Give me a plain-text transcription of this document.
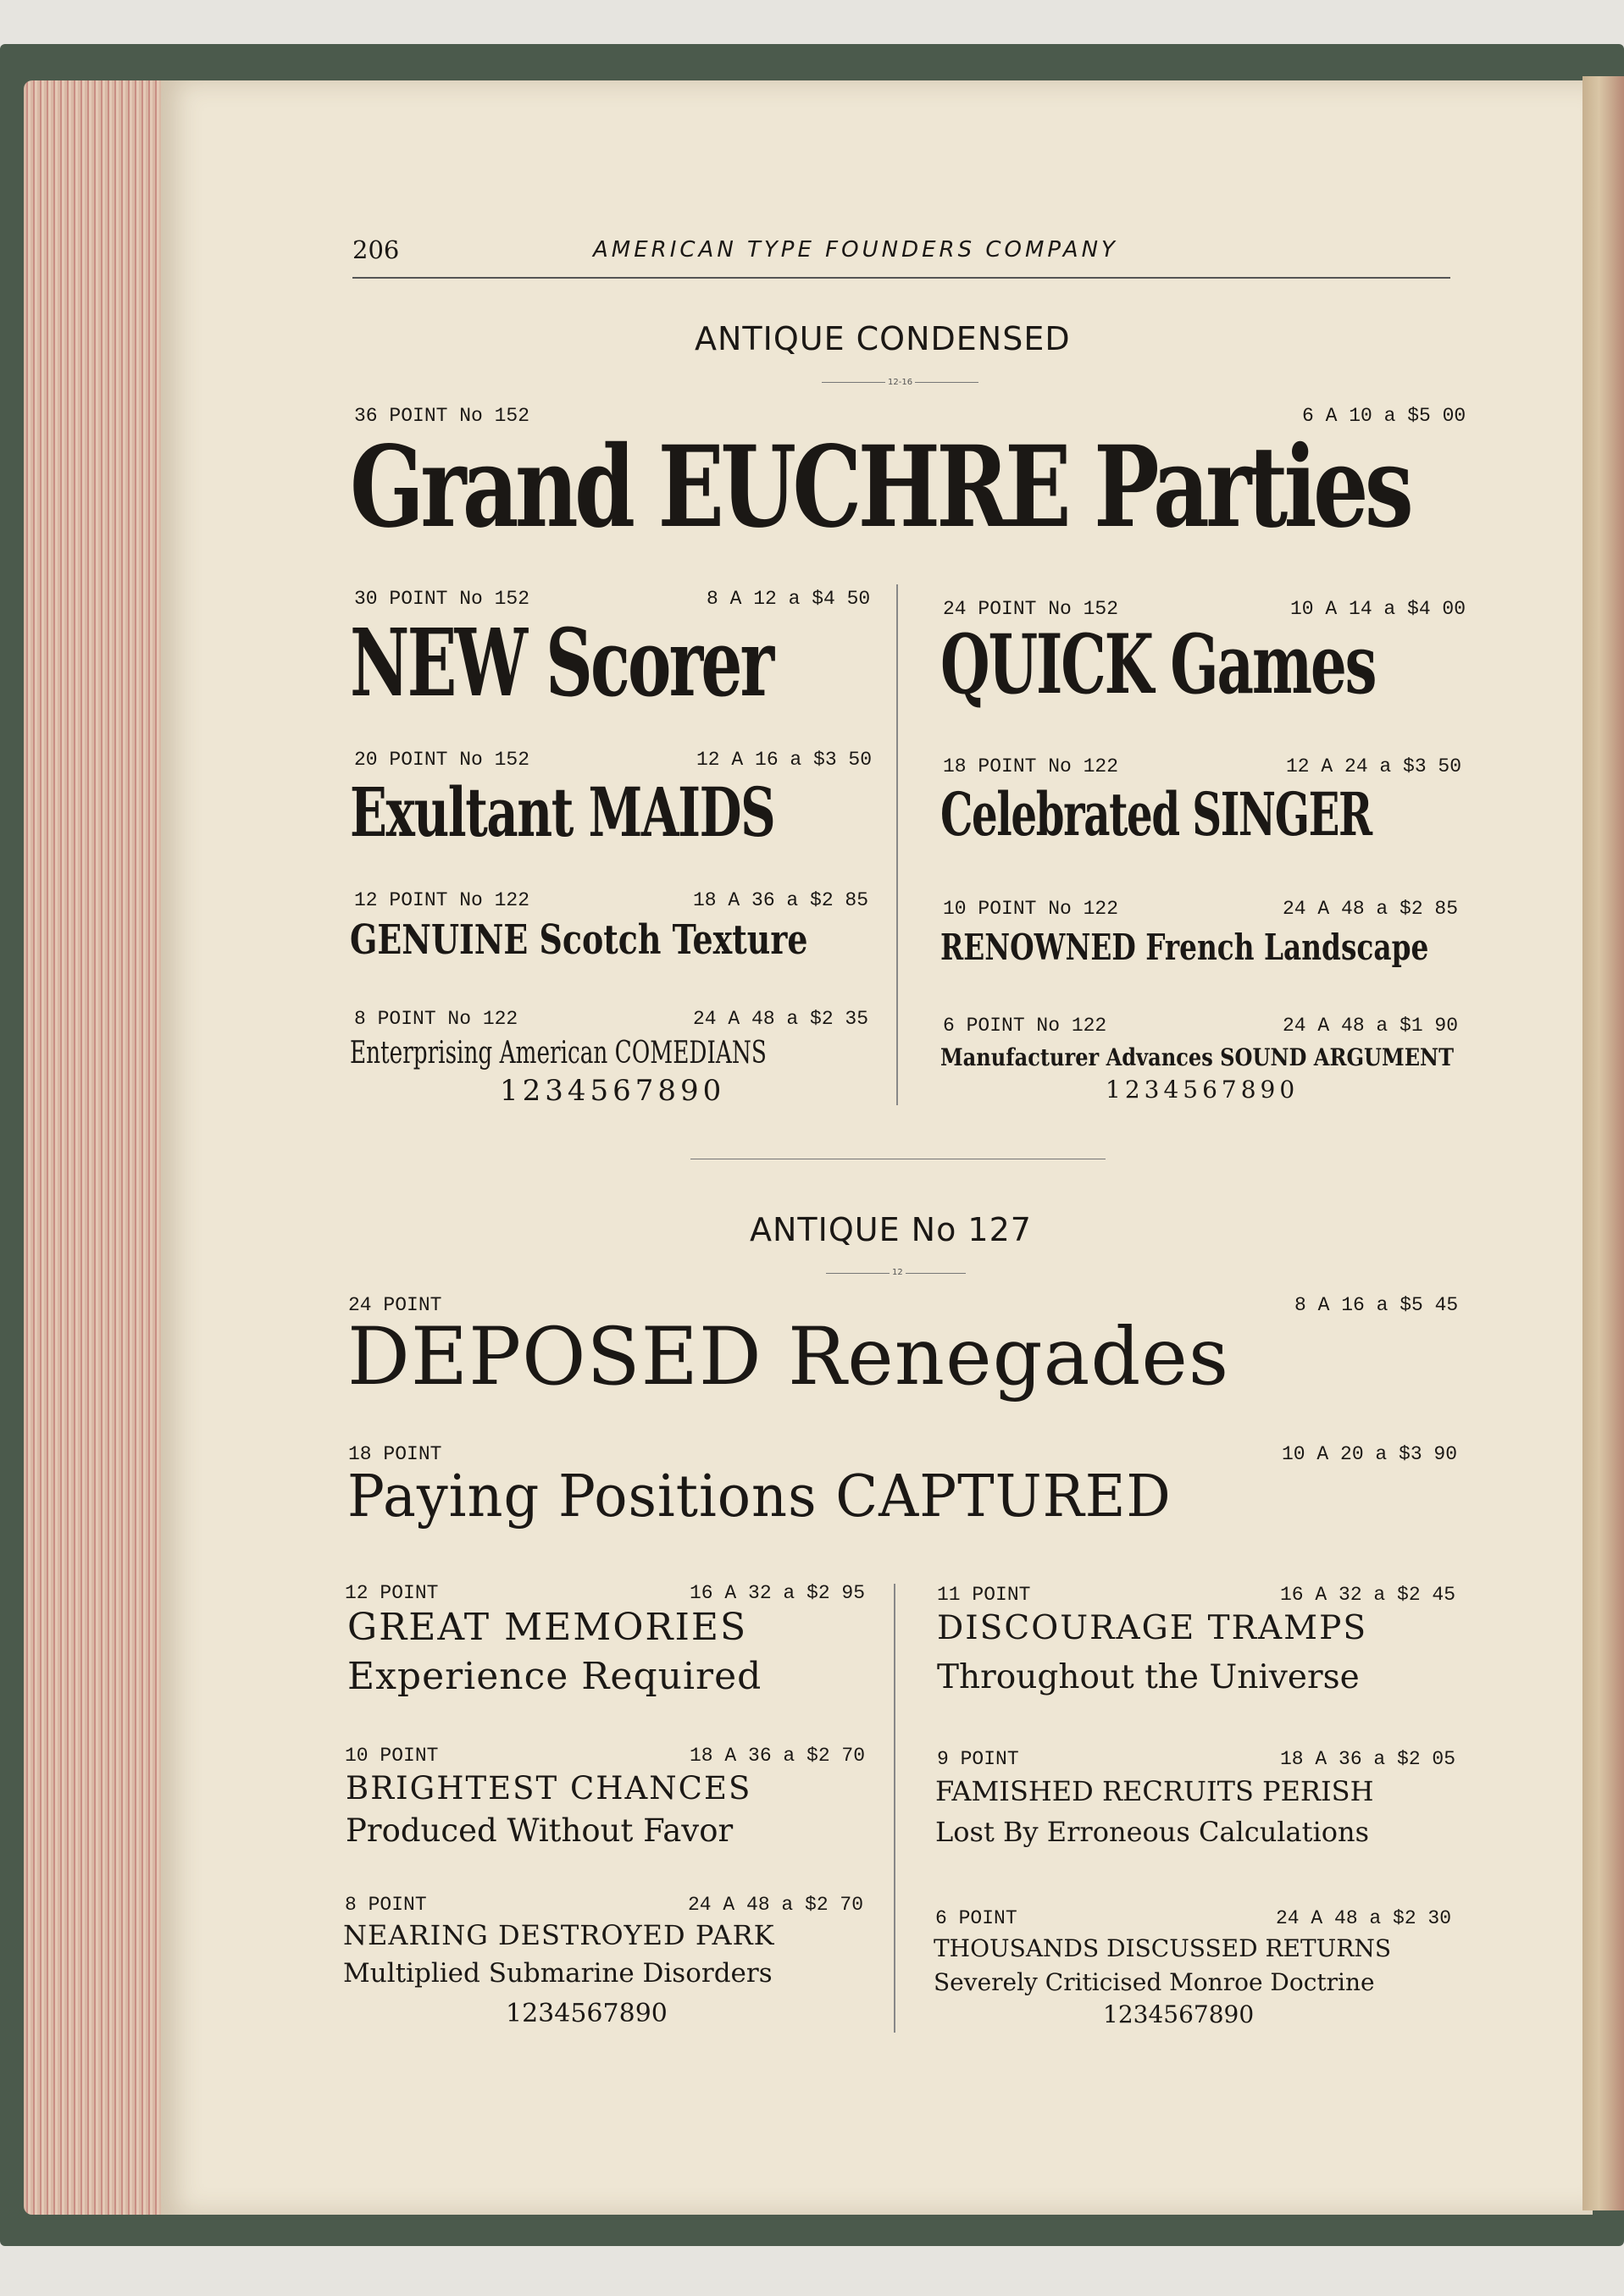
206	AMERICAN TYPE FOUNDERS COMPANY
ANTIQUE CONDENSED
12-16
36 POINT No 152	6 A 10 a $5 00
Grand EUCHRE Parties
30 POINT No 152	8 A 12 a $4 50
NEW Scorer
20 POINT No 152	12 A 16 a $3 50
Exultant MAIDS
12 POINT No 122	18 A 36 a $2 85
GENUINE Scotch Texture
8 POINT No 122	24 A 48 a $2 35
Enterprising American COMEDIANS
1234567890
24 POINT No 152	10 A 14 a $4 00
QUICK Games
18 POINT No 122	12 A 24 a $3 50
Celebrated SINGER
10 POINT No 122	24 A 48 a $2 85
RENOWNED French Landscape
6 POINT No 122	24 A 48 a $1 90
Manufacturer Advances SOUND ARGUMENT
1234567890
ANTIQUE No 127
12
24 POINT	8 A 16 a $5 45
DEPOSED Renegades
18 POINT	10 A 20 a $3 90
Paying Positions CAPTURED
12 POINT	16 A 32 a $2 95
GREAT MEMORIES
Experience Required
10 POINT	18 A 36 a $2 70
BRIGHTEST CHANCES
Produced Without Favor
8 POINT	24 A 48 a $2 70
NEARING DESTROYED PARK
Multiplied Submarine Disorders
1234567890
11 POINT	16 A 32 a $2 45
DISCOURAGE TRAMPS
Throughout the Universe
9 POINT	18 A 36 a $2 05
FAMISHED RECRUITS PERISH
Lost By Erroneous Calculations
6 POINT	24 A 48 a $2 30
THOUSANDS DISCUSSED RETURNS
Severely Criticised Monroe Doctrine
1234567890
